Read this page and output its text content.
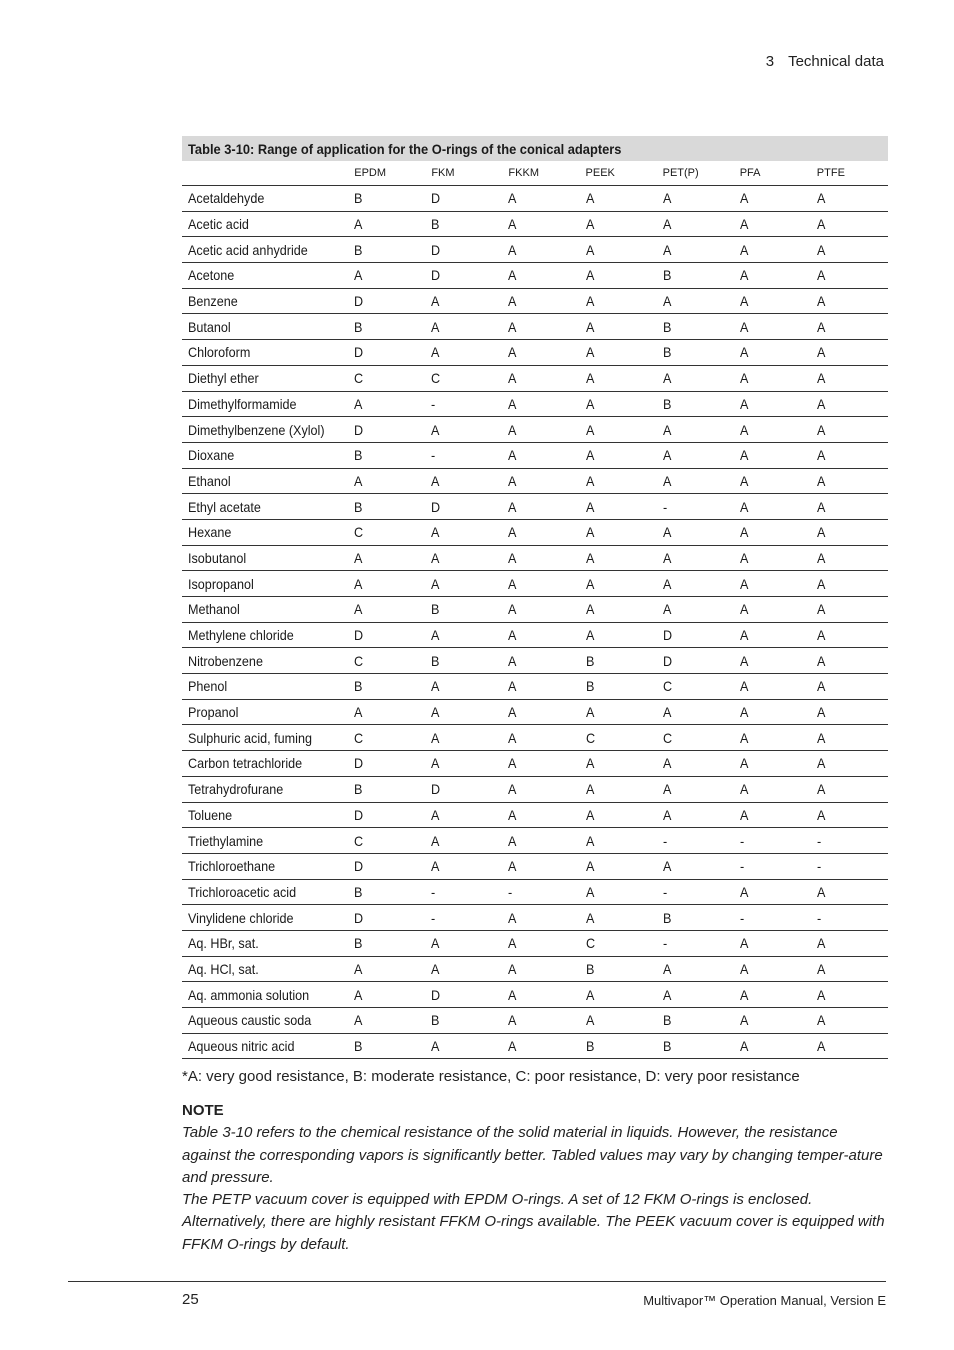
3 Technical data
Table 3-10: Range of application for the O-rings of the conical adapters
	EPDM	FKM	FKKM	PEEK	PET(P)	PFA	PTFE
Acetaldehyde	B	D	A	A	A	A	A
Acetic acid	A	B	A	A	A	A	A
Acetic acid anhydride	B	D	A	A	A	A	A
Acetone	A	D	A	A	B	A	A
Benzene	D	A	A	A	A	A	A
Butanol	B	A	A	A	B	A	A
Chloroform	D	A	A	A	B	A	A
Diethyl ether	C	C	A	A	A	A	A
Dimethylformamide	A	-	A	A	B	A	A
Dimethylbenzene (Xylol)	D	A	A	A	A	A	A
Dioxane	B	-	A	A	A	A	A
Ethanol	A	A	A	A	A	A	A
Ethyl acetate	B	D	A	A	-	A	A
Hexane	C	A	A	A	A	A	A
Isobutanol	A	A	A	A	A	A	A
Isopropanol	A	A	A	A	A	A	A
Methanol	A	B	A	A	A	A	A
Methylene chloride	D	A	A	A	D	A	A
Nitrobenzene	C	B	A	B	D	A	A
Phenol	B	A	A	B	C	A	A
Propanol	A	A	A	A	A	A	A
Sulphuric acid, fuming	C	A	A	C	C	A	A
Carbon tetrachloride	D	A	A	A	A	A	A
Tetrahydrofurane	B	D	A	A	A	A	A
Toluene	D	A	A	A	A	A	A
Triethylamine	C	A	A	A	-	-	-
Trichloroethane	D	A	A	A	A	-	-
Trichloroacetic acid	B	-	-	A	-	A	A
Vinylidene chloride	D	-	A	A	B	-	-
Aq. HBr, sat.	B	A	A	C	-	A	A
Aq. HCl, sat.	A	A	A	B	A	A	A
Aq. ammonia solution	A	D	A	A	A	A	A
Aqueous caustic soda	A	B	A	A	B	A	A
Aqueous nitric acid	B	A	A	B	B	A	A
*A: very good resistance, B: moderate resistance, C: poor resistance, D: very poor resistance
NOTE

Table 3-10 refers to the chemical resistance of the solid material in liquids. However, the resistance against the corresponding vapors is significantly better. Tabled values may vary by changing temper-ature and pressure.

The PETP vacuum cover is equipped with EPDM O-rings. A set of 12 FKM O-rings is enclosed. Alternatively, there are highly resistant FFKM O-rings available. The PEEK vacuum cover is equipped with FFKM O-rings by default.

25	Multivapor™ Operation Manual, Version E
